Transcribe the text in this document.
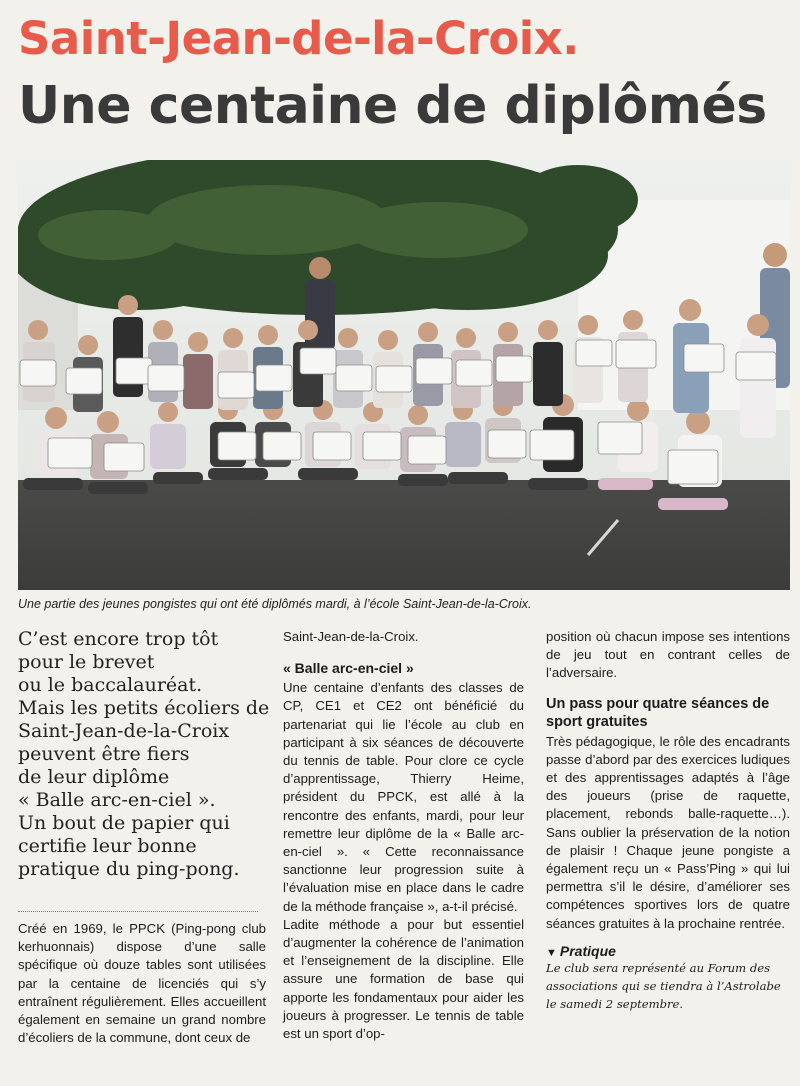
Saint-Jean-de-la-Croix.
Une centaine de diplômés
Une partie des jeunes pongistes qui ont été diplômés mardi, à l’école Saint-Jean-de-la-Croix.
C’est encore trop tôt
pour le brevet
ou le baccalauréat.
Mais les petits écoliers de
Saint-Jean-de-la-Croix
peuvent être fiers
de leur diplôme
« Balle arc-en-ciel ».
Un bout de papier qui
certifie leur bonne
pratique du ping-pong.

Créé en 1969, le PPCK (Ping-pong club kerhuonnais) dispose d’une salle spécifique où douze tables sont utilisées par la centaine de licenciés qui s’y entraînent régulièrement. Elles accueillent également en semaine un grand nombre d’écoliers de la commune, dont ceux de

Saint-Jean-de-la-Croix.

« Balle arc-en-ciel »

Une centaine d’enfants des classes de CP, CE1 et CE2 ont bénéficié du partenariat qui lie l’école au club en participant à six séances de découverte du tennis de table. Pour clore ce cycle d’apprentissage, Thierry Heime, président du PPCK, est allé à la rencontre des enfants, mardi, pour leur remettre leur diplôme de la « Balle arc-en-ciel ». « Cette reconnaissance sanctionne leur progression suite à l’évaluation mise en place dans le cadre de la méthode française », a-t-il précisé.

Ladite méthode a pour but essentiel d’augmenter la cohérence de l’animation et l’enseignement de la discipline. Elle assure une formation de base qui apporte les fondamentaux pour aider les joueurs à progresser. Le tennis de table est un sport d’op-

position où chacun impose ses intentions de jeu tout en contrant celles de l’adversaire.

Un pass pour quatre séances de sport gratuites

Très pédagogique, le rôle des encadrants passe d’abord par des exercices ludiques et des apprentissages adaptés à l’âge des joueurs (prise de raquette, placement, rebonds balle-raquette…). Sans oublier la préservation de la notion de plaisir ! Chaque jeune pongiste a également reçu un « Pass’Ping » qui lui permettra s’il le désire, d’améliorer ses compétences sportives lors de quatre séances gratuites à la prochaine rentrée.

▼ Pratique
Le club sera représenté au Forum des associations qui se tiendra à l’Astrolabe le samedi 2 septembre.
